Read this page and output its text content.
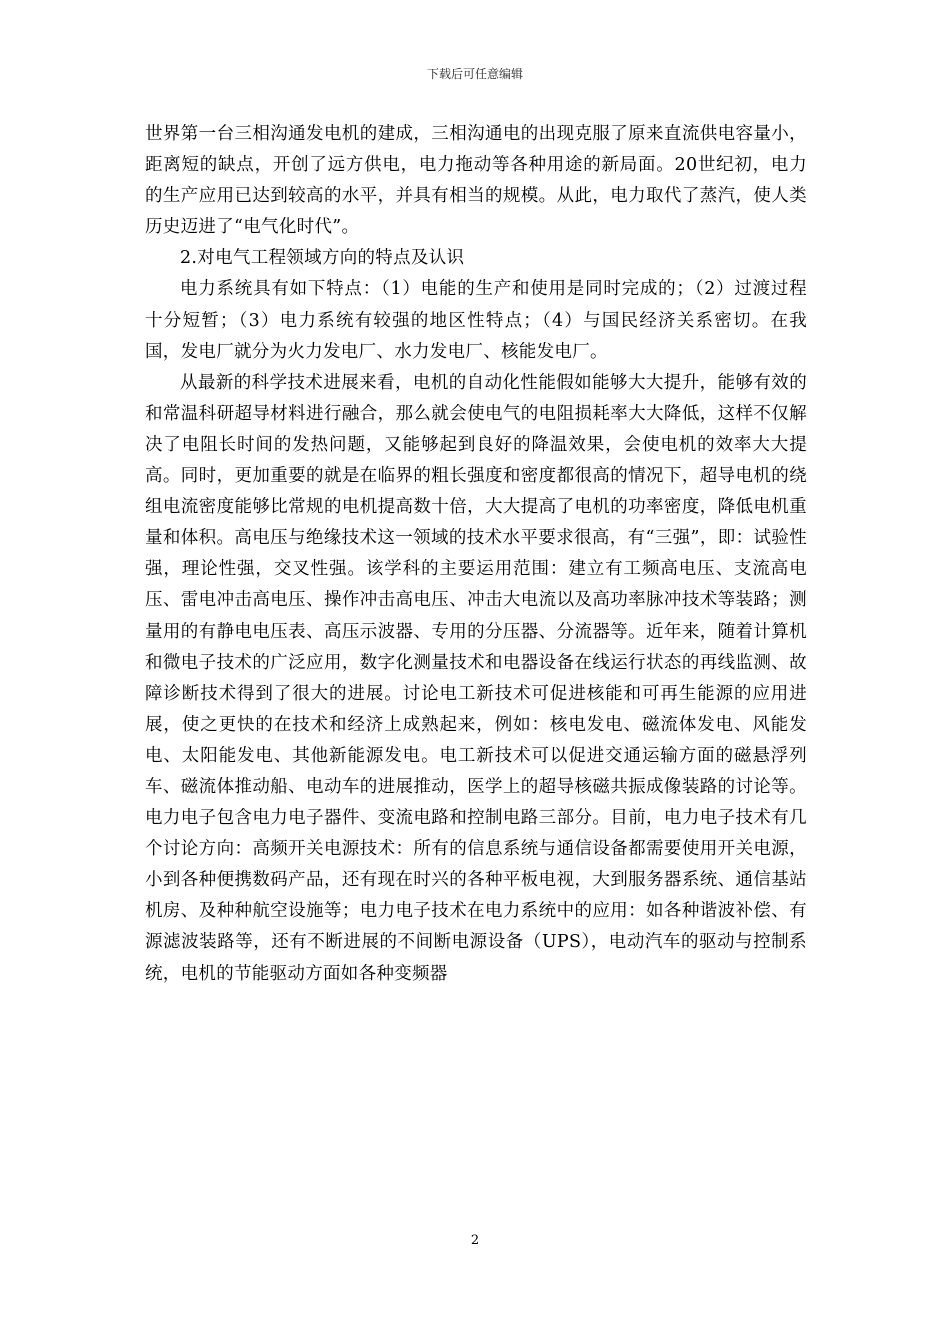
下载后可任意编辑

世界第一台三相沟通发电机的建成，三相沟通电的出现克服了原来直流供电容量小，距离短的缺点，开创了远方供电，电力拖动等各种用途的新局面。20世纪初，电力的生产应用已达到较高的水平，并具有相当的规模。从此，电力取代了蒸汽，使人类历史迈进了“电气化时代”。

2.对电气工程领域方向的特点及认识

电力系统具有如下特点：（1）电能的生产和使用是同时完成的；（2）过渡过程十分短暂；（3）电力系统有较强的地区性特点；（4）与国民经济关系密切。在我国，发电厂就分为火力发电厂、水力发电厂、核能发电厂。

从最新的科学技术进展来看，电机的自动化性能假如能够大大提升，能够有效的和常温科研超导材料进行融合，那么就会使电气的电阻损耗率大大降低，这样不仅解决了电阻长时间的发热问题，又能够起到良好的降温效果，会使电机的效率大大提高。同时，更加重要的就是在临界的粗长强度和密度都很高的情况下，超导电机的绕组电流密度能够比常规的电机提高数十倍，大大提高了电机的功率密度，降低电机重量和体积。高电压与绝缘技术这一领域的技术水平要求很高，有“三强”，即：试验性强，理论性强，交叉性强。该学科的主要运用范围：建立有工频高电压、支流高电压、雷电冲击高电压、操作冲击高电压、冲击大电流以及高功率脉冲技术等装路；测量用的有静电电压表、高压示波器、专用的分压器、分流器等。近年来，随着计算机和微电子技术的广泛应用，数字化测量技术和电器设备在线运行状态的再线监测、故障诊断技术得到了很大的进展。讨论电工新技术可促进核能和可再生能源的应用进展，使之更快的在技术和经济上成熟起来，例如：核电发电、磁流体发电、风能发电、太阳能发电、其他新能源发电。电工新技术可以促进交通运输方面的磁悬浮列车、磁流体推动船、电动车的进展推动，医学上的超导核磁共振成像装路的讨论等。电力电子包含电力电子器件、变流电路和控制电路三部分。目前，电力电子技术有几个讨论方向：高频开关电源技术：所有的信息系统与通信设备都需要使用开关电源，小到各种便携数码产品，还有现在时兴的各种平板电视，大到服务器系统、通信基站机房、及种种航空设施等；电力电子技术在电力系统中的应用：如各种谐波补偿、有源滤波装路等，还有不断进展的不间断电源设备（UPS），电动汽车的驱动与控制系统，电机的节能驱动方面如各种变频器

2
